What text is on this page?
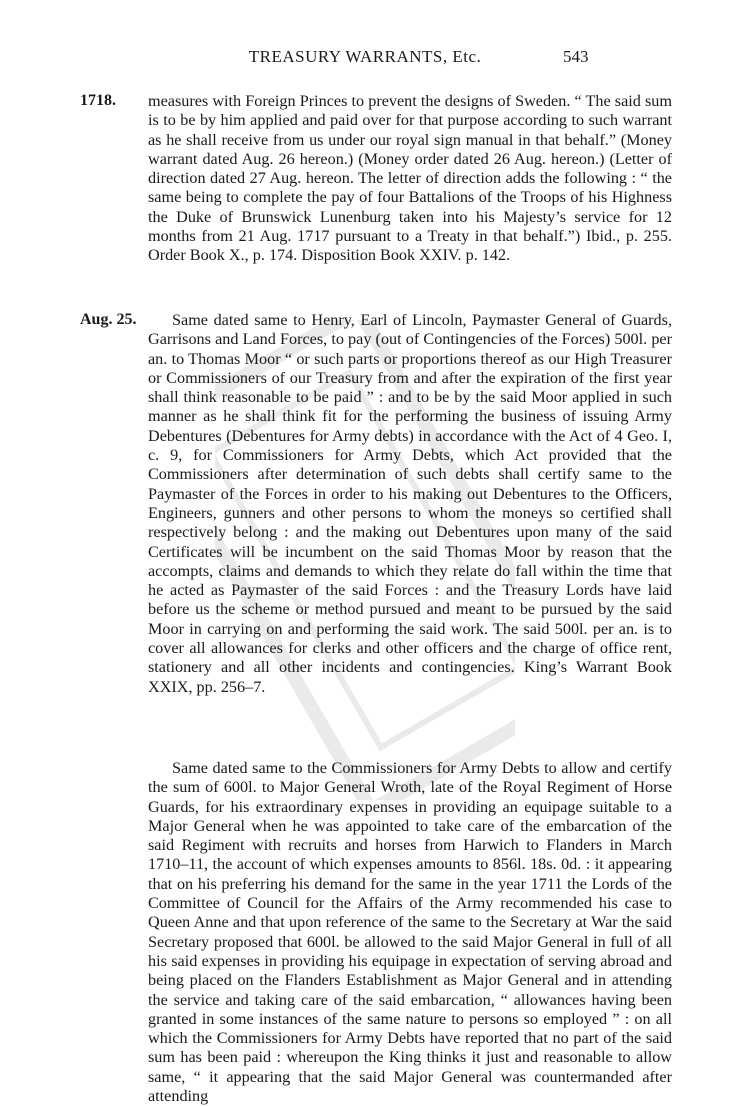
TREASURY WARRANTS, Etc.	543
1718. measures with Foreign Princes to prevent the designs of Sweden. “ The said sum is to be by him applied and paid over for that purpose according to such warrant as he shall receive from us under our royal sign manual in that behalf.” (Money warrant dated Aug. 26 hereon.) (Money order dated 26 Aug. hereon.) (Letter of direction dated 27 Aug. hereon. The letter of direction adds the following : “ the same being to complete the pay of four Battalions of the Troops of his Highness the Duke of Brunswick Lunenburg taken into his Majesty’s service for 12 months from 21 Aug. 1717 pursuant to a Treaty in that behalf.”) Ibid., p. 255. Order Book X., p. 174. Disposition Book XXIV. p. 142.

Aug. 25.	Same dated same to Henry, Earl of Lincoln, Paymaster General of Guards, Garrisons and Land Forces, to pay (out of Contingencies of the Forces) 500l. per an. to Thomas Moor “ or such parts or proportions thereof as our High Treasurer or Commissioners of our Treasury from and after the expiration of the first year shall think reasonable to be paid ” : and to be by the said Moor applied in such manner as he shall think fit for the performing the business of issuing Army Debentures (Debentures for Army debts) in accordance with the Act of 4 Geo. I, c. 9, for Commissioners for Army Debts, which Act provided that the Commissioners after determination of such debts shall certify same to the Paymaster of the Forces in order to his making out Debentures to the Officers, Engineers, gunners and other persons to whom the moneys so certified shall respectively belong : and the making out Debentures upon many of the said Certificates will be incumbent on the said Thomas Moor by reason that the accompts, claims and demands to which they relate do fall within the time that he acted as Paymaster of the said Forces : and the Treasury Lords have laid before us the scheme or method pursued and meant to be pursued by the said Moor in carrying on and performing the said work. The said 500l. per an. is to cover all allowances for clerks and other officers and the charge of office rent, stationery and all other incidents and contingencies. King’s Warrant Book XXIX, pp. 256–7.

Same dated same to the Commissioners for Army Debts to allow and certify the sum of 600l. to Major General Wroth, late of the Royal Regiment of Horse Guards, for his extraordinary expenses in providing an equipage suitable to a Major General when he was appointed to take care of the embarcation of the said Regiment with recruits and horses from Harwich to Flanders in March 1710–11, the account of which expenses amounts to 856l. 18s. 0d. : it appearing that on his preferring his demand for the same in the year 1711 the Lords of the Committee of Council for the Affairs of the Army recommended his case to Queen Anne and that upon reference of the same to the Secretary at War the said Secretary proposed that 600l. be allowed to the said Major General in full of all his said expenses in providing his equipage in expectation of serving abroad and being placed on the Flanders Establishment as Major General and in attending the service and taking care of the said embarcation, “ allowances having been granted in some instances of the same nature to persons so employed ” : on all which the Commissioners for Army Debts have reported that no part of the said sum has been paid : whereupon the King thinks it just and reasonable to allow same, “ it appearing that the said Major General was countermanded after attending
